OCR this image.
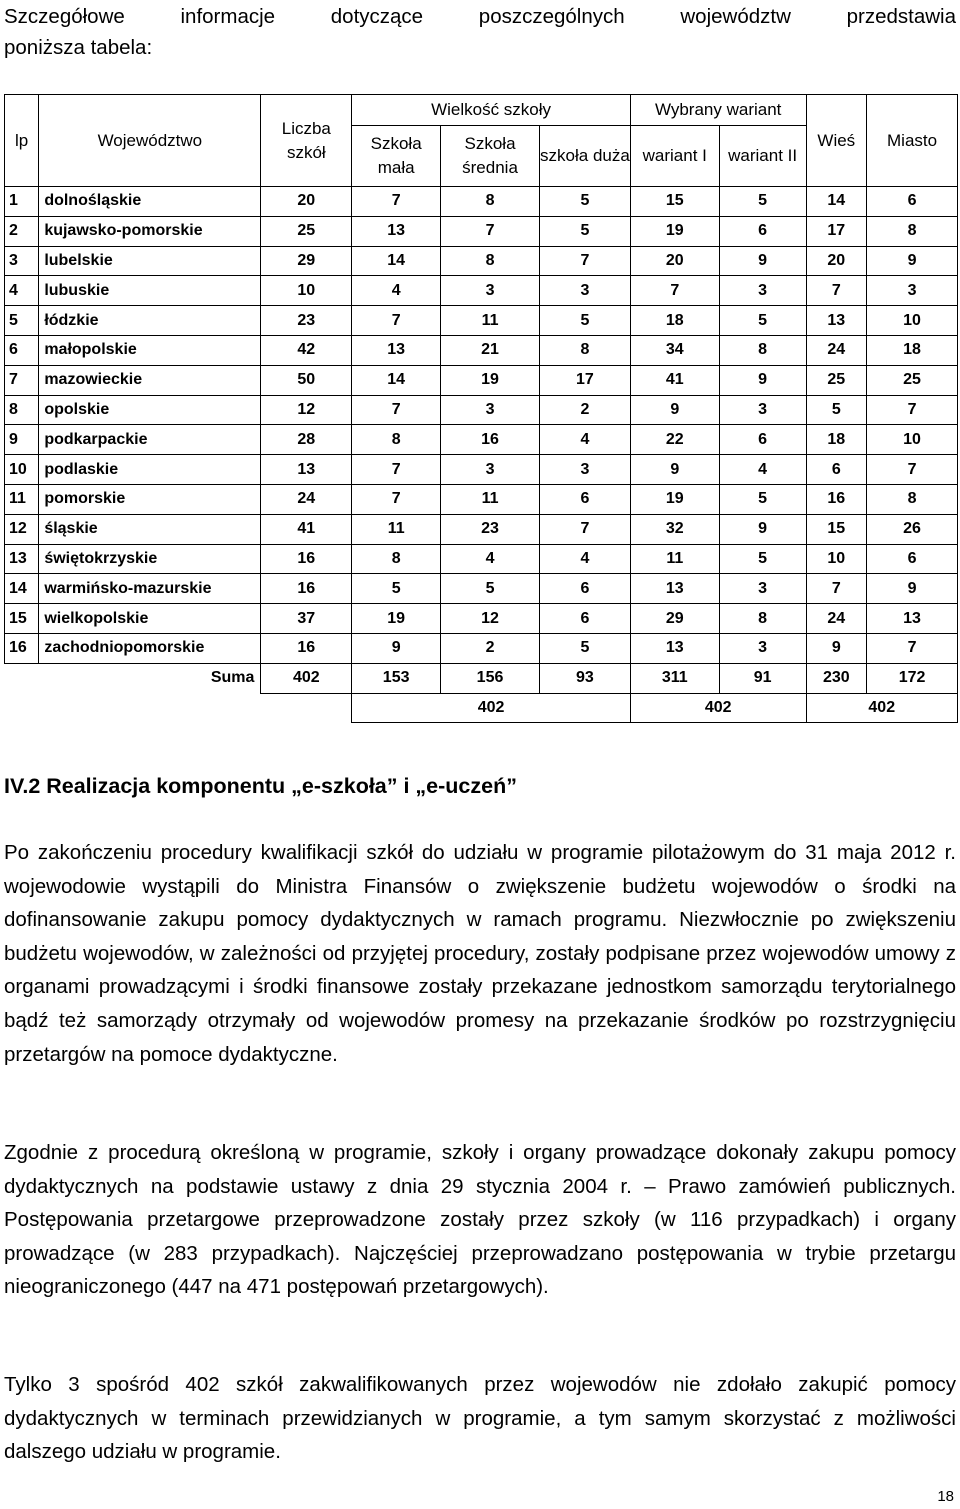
Szczegółowe informacje dotyczące poszczególnych województw przedstawia

poniższa tabela:

lp	Województwo	Liczba szkół	Wielkość szkoły			Wybrany wariant		Wieś	Miasto
			Szkoła mała	Szkoła średnia	szkoła duża	wariant I	wariant II		
1	dolnośląskie	20	7	8	5	15	5	14	6
2	kujawsko-pomorskie	25	13	7	5	19	6	17	8
3	lubelskie	29	14	8	7	20	9	20	9
4	lubuskie	10	4	3	3	7	3	7	3
5	łódzkie	23	7	11	5	18	5	13	10
6	małopolskie	42	13	21	8	34	8	24	18
7	mazowieckie	50	14	19	17	41	9	25	25
8	opolskie	12	7	3	2	9	3	5	7
9	podkarpackie	28	8	16	4	22	6	18	10
10	podlaskie	13	7	3	3	9	4	6	7
11	pomorskie	24	7	11	6	19	5	16	8
12	śląskie	41	11	23	7	32	9	15	26
13	świętokrzyskie	16	8	4	4	11	5	10	6
14	warmińsko-mazurskie	16	5	5	6	13	3	7	9
15	wielkopolskie	37	19	12	6	29	8	24	13
16	zachodniopomorskie	16	9	2	5	13	3	9	7
Suma		402	153	156	93	311	91	230	172
			402			402		402	
IV.2 Realizacja komponentu „e-szkoła” i „e-uczeń”

Po zakończeniu procedury kwalifikacji szkół do udziału w programie pilotażowym do 31 maja 2012 r. wojewodowie wystąpili do Ministra Finansów o zwiększenie budżetu wojewodów o środki na dofinansowanie zakupu pomocy dydaktycznych w ramach programu. Niezwłocznie po zwiększeniu budżetu wojewodów, w zależności od przyjętej procedury, zostały podpisane przez wojewodów umowy z organami prowadzącymi i środki finansowe zostały przekazane jednostkom samorządu terytorialnego bądź też samorządy otrzymały od wojewodów promesy na przekazanie środków po rozstrzygnięciu przetargów na pomoce dydaktyczne.

Zgodnie z procedurą określoną w programie, szkoły i organy prowadzące dokonały zakupu pomocy dydaktycznych na podstawie ustawy z dnia 29 stycznia 2004 r. – Prawo zamówień publicznych. Postępowania przetargowe przeprowadzone zostały przez szkoły (w 116 przypadkach) i organy prowadzące (w 283 przypadkach). Najczęściej przeprowadzano postępowania w trybie przetargu nieograniczonego (447 na 471 postępowań przetargowych).

Tylko 3 spośród 402 szkół zakwalifikowanych przez wojewodów nie zdołało zakupić pomocy dydaktycznych w terminach przewidzianych w programie, a tym samym skorzystać z możliwości dalszego udziału w programie.

18
